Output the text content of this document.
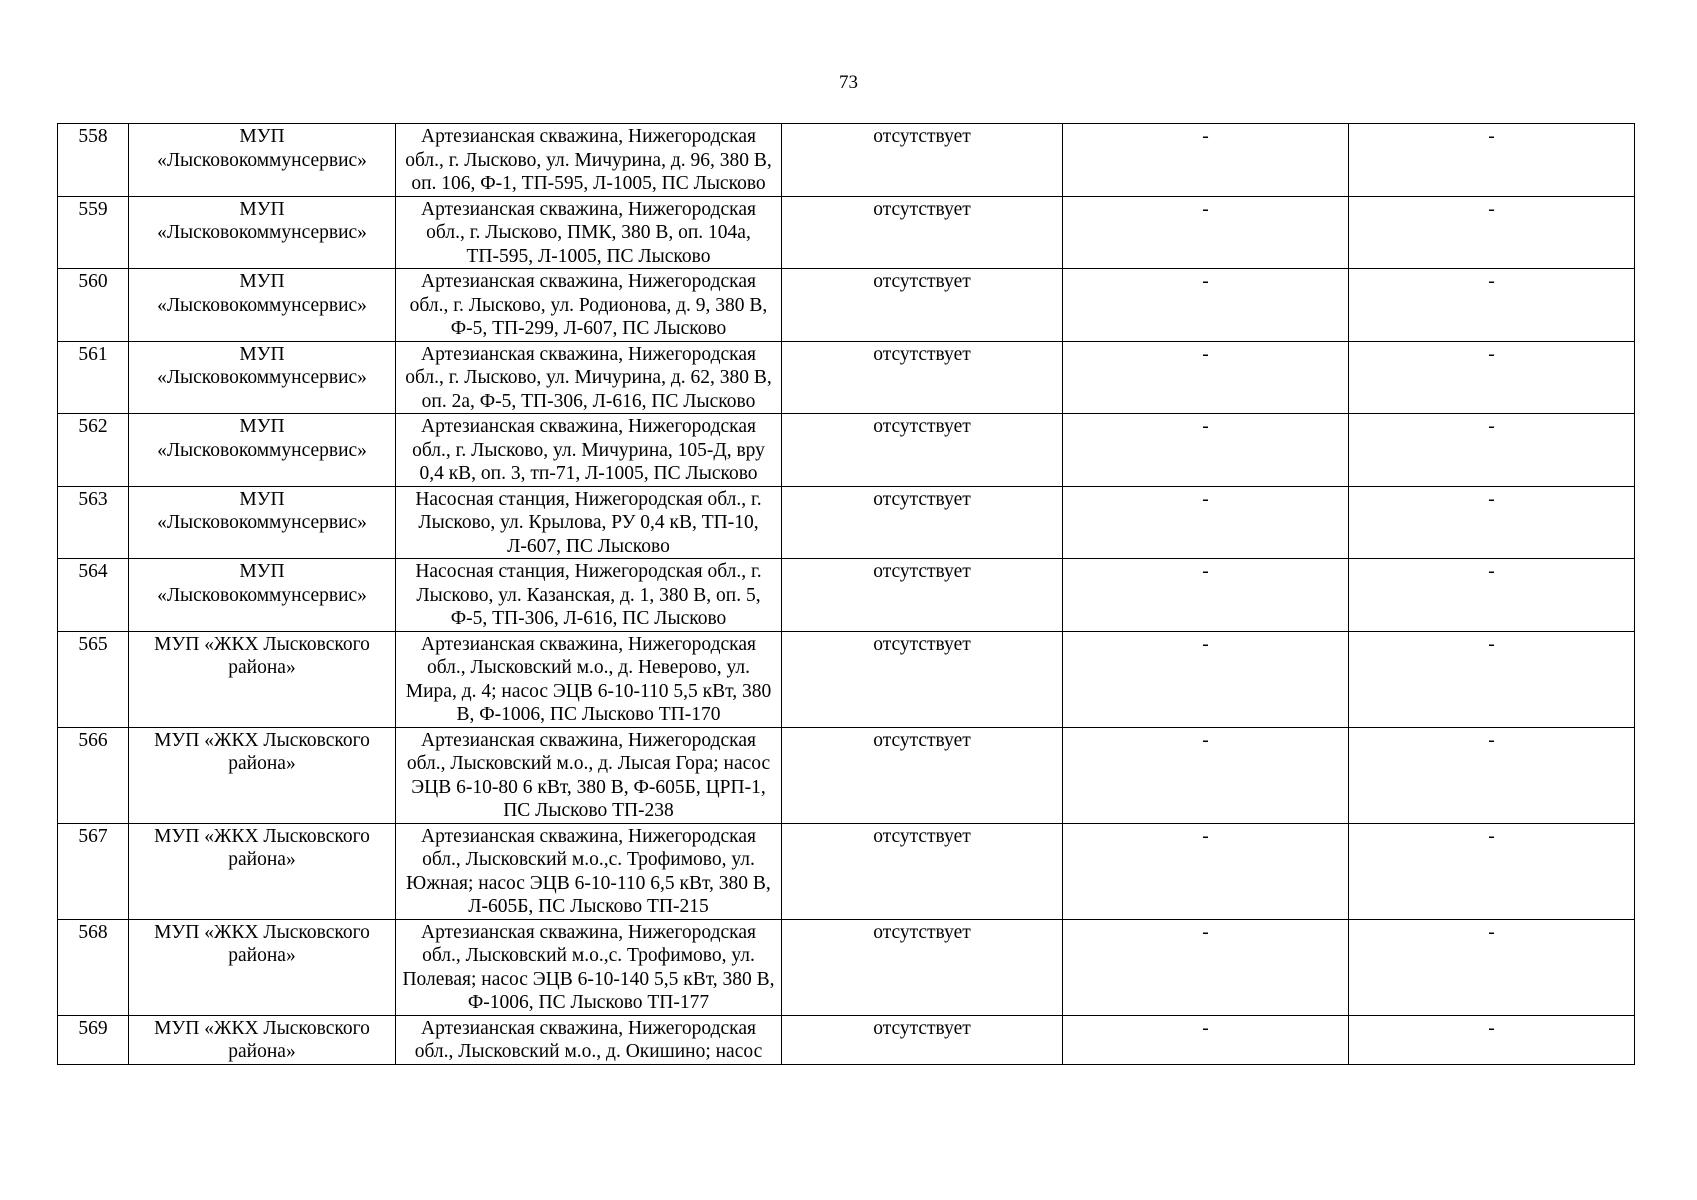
73
558	МУП «Лысковокоммунсервис»	Артезианская скважина, Нижегородская обл., г. Лысково, ул. Мичурина, д. 96, 380 В, оп. 106, Ф-1, ТП-595, Л-1005, ПС Лысково	отсутствует	-	-
559	МУП «Лысковокоммунсервис»	Артезианская скважина, Нижегородская обл., г. Лысково, ПМК, 380 В, оп. 104а, ТП-595, Л-1005, ПС Лысково	отсутствует	-	-
560	МУП «Лысковокоммунсервис»	Артезианская скважина, Нижегородская обл., г. Лысково, ул. Родионова, д. 9, 380 В, Ф-5, ТП-299, Л-607, ПС Лысково	отсутствует	-	-
561	МУП «Лысковокоммунсервис»	Артезианская скважина, Нижегородская обл., г. Лысково, ул. Мичурина, д. 62, 380 В, оп. 2а, Ф-5, ТП-306, Л-616, ПС Лысково	отсутствует	-	-
562	МУП «Лысковокоммунсервис»	Артезианская скважина, Нижегородская обл., г. Лысково, ул. Мичурина, 105-Д, вру 0,4 кВ, оп. 3, тп-71, Л-1005, ПС Лысково	отсутствует	-	-
563	МУП «Лысковокоммунсервис»	Насосная станция, Нижегородская обл., г. Лысково, ул. Крылова, РУ 0,4 кВ, ТП-10, Л-607, ПС Лысково	отсутствует	-	-
564	МУП «Лысковокоммунсервис»	Насосная станция, Нижегородская обл., г. Лысково, ул. Казанская, д. 1, 380 В, оп. 5, Ф-5, ТП-306, Л-616, ПС Лысково	отсутствует	-	-
565	МУП «ЖКХ Лысковского района»	Артезианская скважина, Нижегородская обл., Лысковский м.о., д. Неверово, ул. Мира, д. 4; насос ЭЦВ 6-10-110 5,5 кВт, 380 В, Ф-1006, ПС Лысково ТП-170	отсутствует	-	-
566	МУП «ЖКХ Лысковского района»	Артезианская скважина, Нижегородская обл., Лысковский м.о., д. Лысая Гора; насос ЭЦВ 6-10-80 6 кВт, 380 В, Ф-605Б, ЦРП-1, ПС Лысково ТП-238	отсутствует	-	-
567	МУП «ЖКХ Лысковского района»	Артезианская скважина, Нижегородская обл., Лысковский м.о.,с. Трофимово, ул. Южная; насос ЭЦВ 6-10-110 6,5 кВт, 380 В, Л-605Б, ПС Лысково ТП-215	отсутствует	-	-
568	МУП «ЖКХ Лысковского района»	Артезианская скважина, Нижегородская обл., Лысковский м.о.,с. Трофимово, ул. Полевая; насос ЭЦВ 6-10-140 5,5 кВт, 380 В, Ф-1006, ПС Лысково ТП-177	отсутствует	-	-
569	МУП «ЖКХ Лысковского района»	Артезианская скважина, Нижегородская обл., Лысковский м.о., д. Окишино; насос	отсутствует	-	-
